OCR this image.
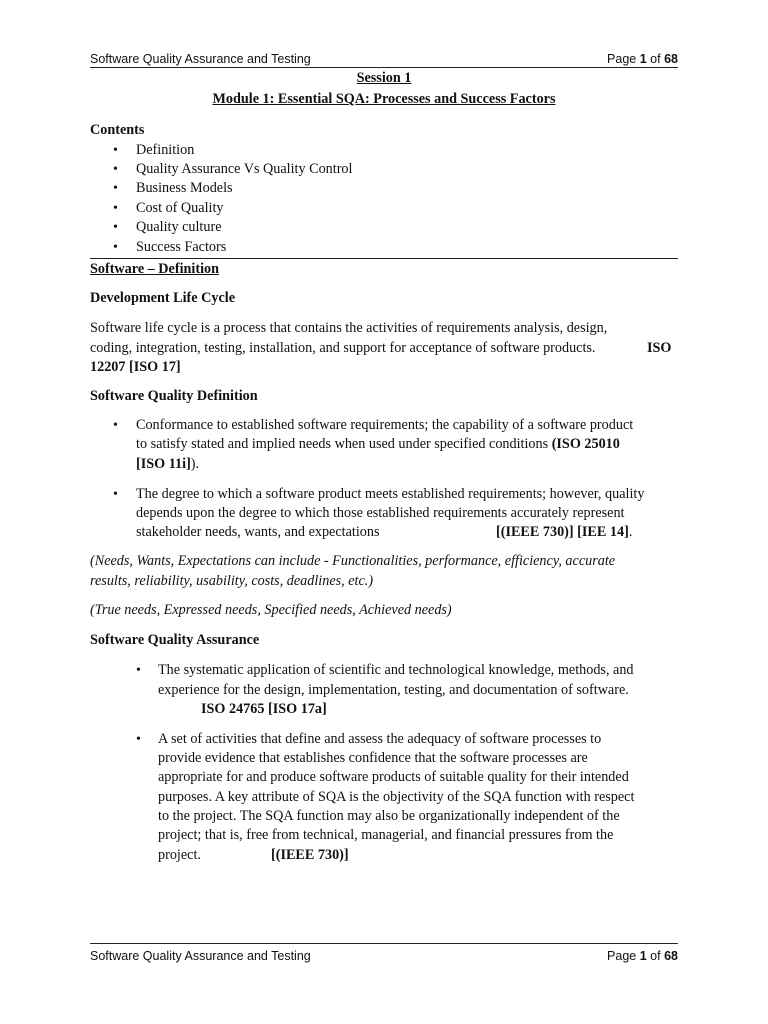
Software Quality Assurance and Testing	Page 1 of 68
Session 1
Module 1: Essential SQA: Processes and Success Factors
Contents
• Definition
• Quality Assurance Vs Quality Control
• Business Models
• Cost of Quality
• Quality culture
• Success Factors
Software – Definition
Development Life Cycle
Software life cycle is a process that contains the activities of requirements analysis, design,
coding, integration, testing, installation, and support for acceptance of software products.	ISO
12207 [ISO 17]
Software Quality Definition
• Conformance to established software requirements; the capability of a software product
to satisfy stated and implied needs when used under specified conditions (ISO 25010
[ISO 11i]).
• The degree to which a software product meets established requirements; however, quality
depends upon the degree to which those established requirements accurately represent
stakeholder needs, wants, and expectations	[(IEEE 730)] [IEE 14].
(Needs, Wants, Expectations can include - Functionalities, performance, efficiency, accurate
results, reliability, usability, costs, deadlines, etc.)
(True needs, Expressed needs, Specified needs, Achieved needs)
Software Quality Assurance
• The systematic application of scientific and technological knowledge, methods, and
experience for the design, implementation, testing, and documentation of software.
ISO 24765 [ISO 17a]
• A set of activities that define and assess the adequacy of software processes to
provide evidence that establishes confidence that the software processes are
appropriate for and produce software products of suitable quality for their intended
purposes. A key attribute of SQA is the objectivity of the SQA function with respect
to the project. The SQA function may also be organizationally independent of the
project; that is, free from technical, managerial, and financial pressures from the
project.	[(IEEE 730)]
Software Quality Assurance and Testing	Page 1 of 68
